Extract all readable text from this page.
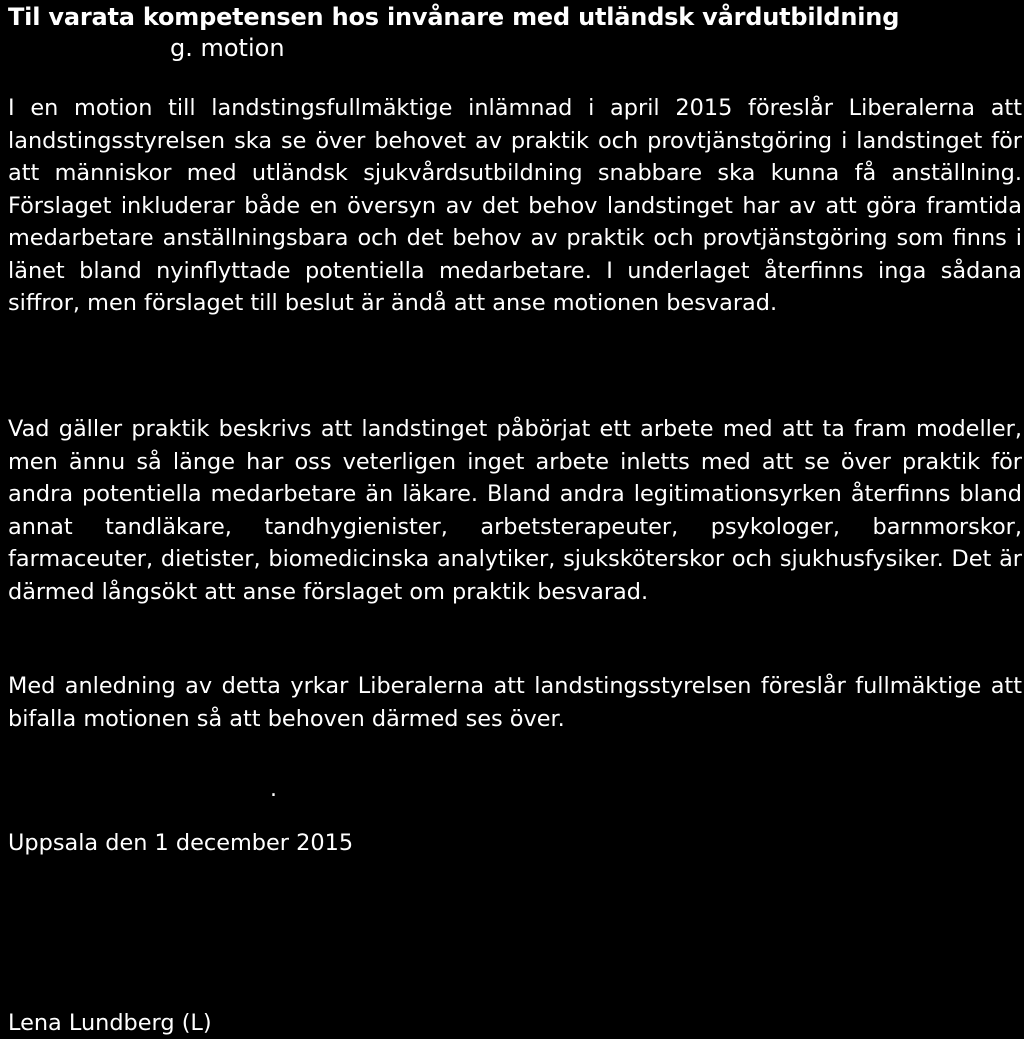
Til varata kompetensen hos invånare med utländsk vårdutbildning

g. motion

I en motion till landstingsfullmäktige inlämnad i april 2015 föreslår Liberalerna att landstingsstyrelsen ska se över behovet av praktik och provtjänstgöring i landstinget för att människor med utländsk sjukvårdsutbildning snabbare ska kunna få anställning. Förslaget inkluderar både en översyn av det behov landstinget har av att göra framtida medarbetare anställningsbara och det behov av praktik och provtjänstgöring som finns i länet bland nyinflyttade potentiella medarbetare. I underlaget återfinns inga sådana siffror, men förslaget till beslut är ändå att anse motionen besvarad.

Vad gäller praktik beskrivs att landstinget påbörjat ett arbete med att ta fram modeller, men ännu så länge har oss veterligen inget arbete inletts med att se över praktik för andra potentiella medarbetare än läkare. Bland andra legitimationsyrken återfinns bland annat tandläkare, tandhygienister, arbetsterapeuter, psykologer, barnmorskor, farmaceuter, dietister, biomedicinska analytiker, sjuksköterskor och sjukhusfysiker. Det är därmed långsökt att anse förslaget om praktik besvarad.

Med anledning av detta yrkar Liberalerna att landstingsstyrelsen föreslår fullmäktige att bifalla motionen så att behoven därmed ses över.

.

Uppsala den 1 december 2015

Lena Lundberg (L)
